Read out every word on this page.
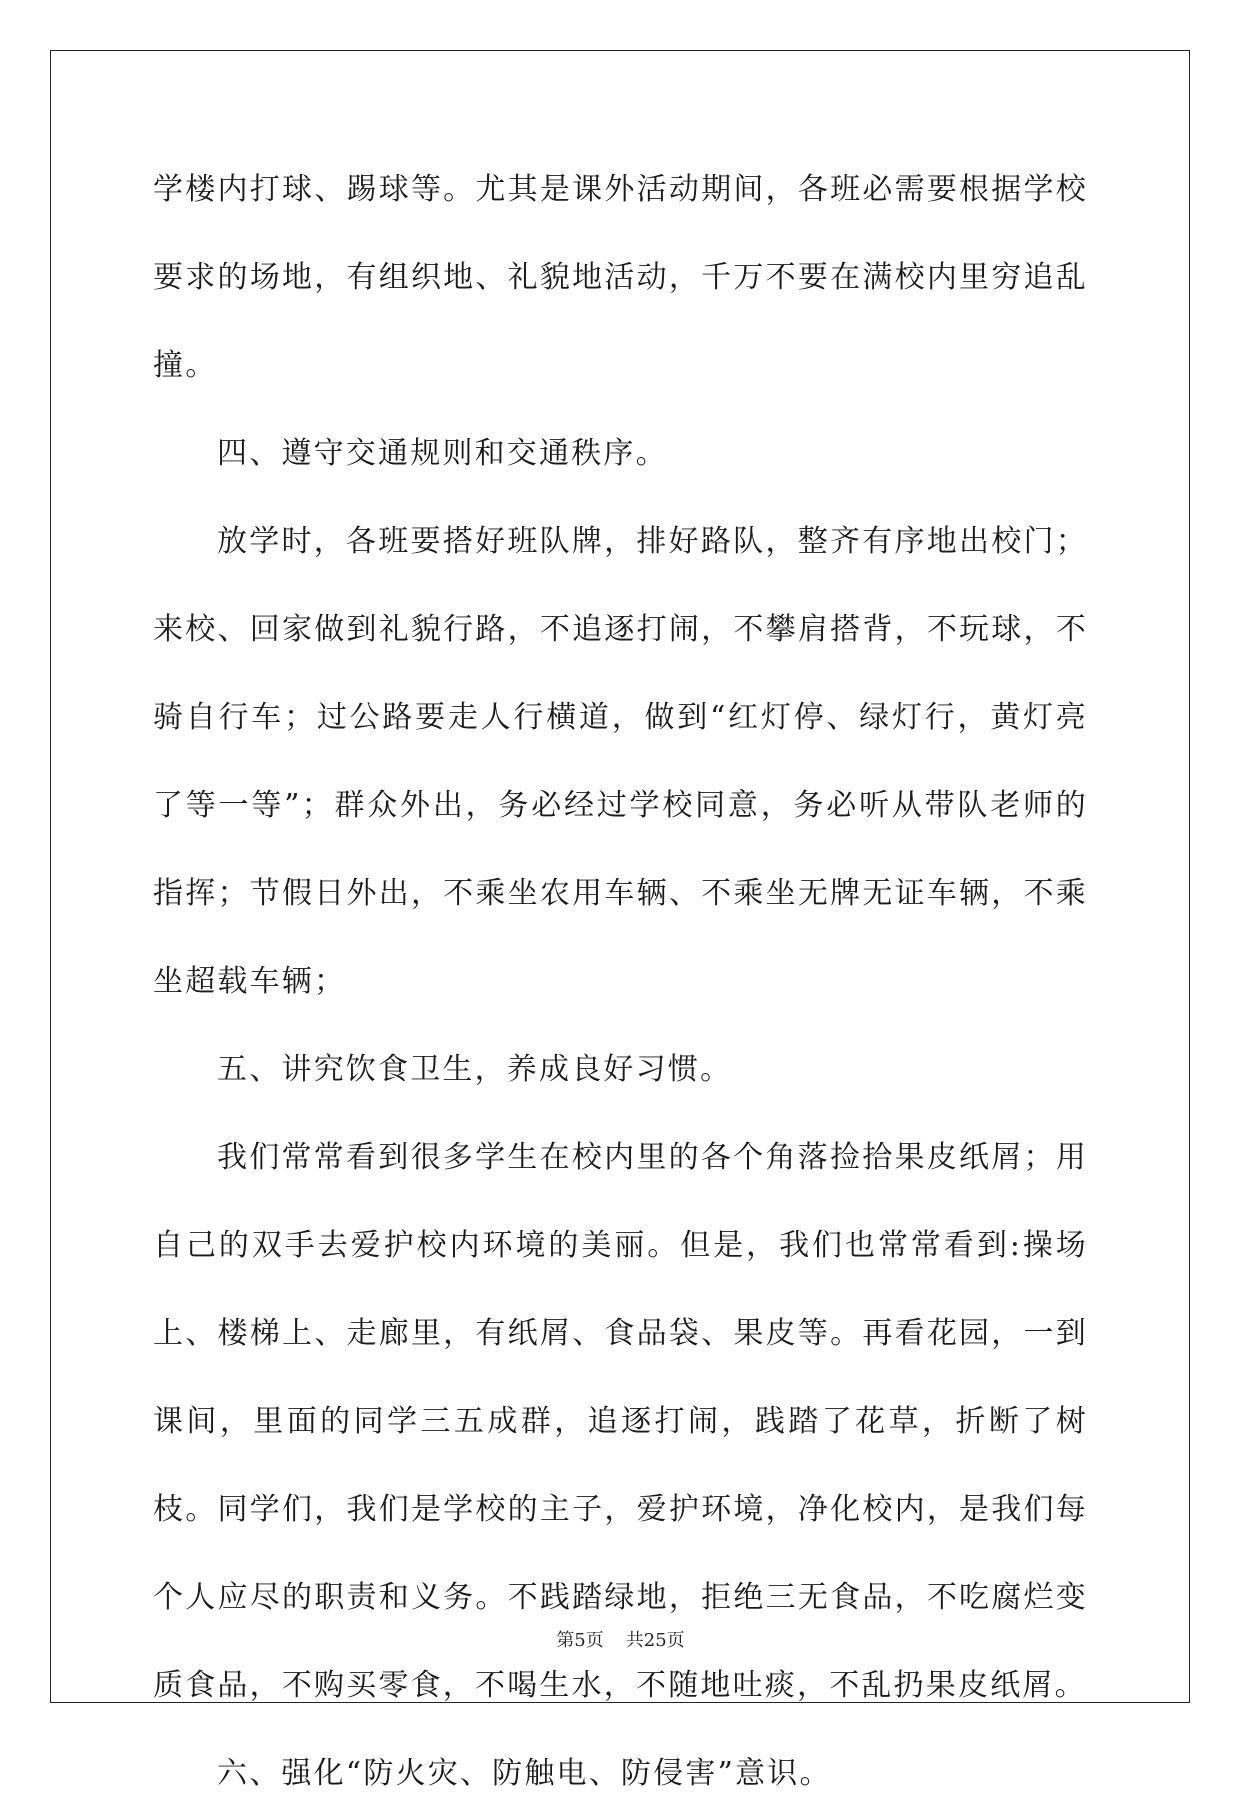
学楼内打球、踢球等。尤其是课外活动期间，各班必需要根据学校要求的场地，有组织地、礼貌地活动，千万不要在满校内里穷追乱撞。

四、遵守交通规则和交通秩序。

放学时，各班要搭好班队牌，排好路队，整齐有序地出校门；来校、回家做到礼貌行路，不追逐打闹，不攀肩搭背，不玩球，不骑自行车；过公路要走人行横道，做到“红灯停、绿灯行，黄灯亮了等一等”；群众外出，务必经过学校同意，务必听从带队老师的指挥；节假日外出，不乘坐农用车辆、不乘坐无牌无证车辆，不乘坐超载车辆；

五、讲究饮食卫生，养成良好习惯。

我们常常看到很多学生在校内里的各个角落捡拾果皮纸屑；用自己的双手去爱护校内环境的美丽。但是，我们也常常看到:操场上、楼梯上、走廊里，有纸屑、食品袋、果皮等。再看花园，一到课间，里面的同学三五成群，追逐打闹，践踏了花草，折断了树枝。同学们，我们是学校的主子，爱护环境，净化校内，是我们每个人应尽的职责和义务。不践踏绿地，拒绝三无食品，不吃腐烂变质食品，不购买零食，不喝生水，不随地吐痰，不乱扔果皮纸屑。

六、强化“防火灾、防触电、防侵害”意识。

第5页 共25页
